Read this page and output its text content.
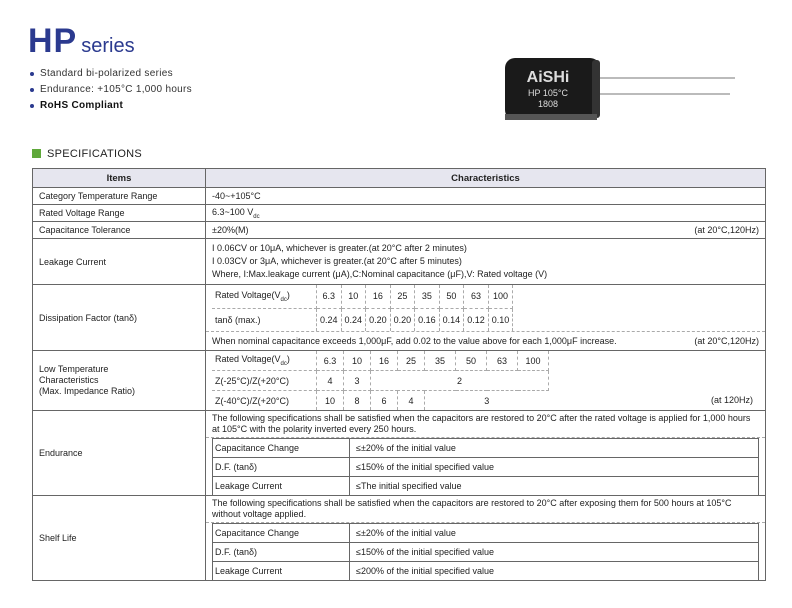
HP series
Standard bi-polarized series
Endurance: +105°C 1,000 hours
RoHS Compliant
AiSHi
HP 105°C
1808
SPECIFICATIONS
Items	Characteristics
Category Temperature Range	-40~+105°C
Rated Voltage Range	6.3~100 $V_{dc}$
Capacitance Tolerance	±20%(M)	(at 20°C,120Hz)

Leakage Current	
I 0.06CV or 10μA, whichever is greater.(at 20°C after 2 minutes)
I 0.03CV or 3μA, whichever is greater.(at 20°C after 5 minutes)
Where, I:Max.leakage current (μA),C:Nominal capacitance (μF),V: Rated voltage (V)

Dissipation Factor (tanδ)	
Rated $Voltage(V_{dc})$	6.3	10	16	25	35	50	63	100
tanδ (max.)	0.24	0.24	0.20	0.20	0.16	0.14	0.12	0.10
When nominal capacitance exceeds 1,000μF, add 0.02 to the value above for each 1,000μF increase.	(at 20°C,120Hz)

Low Temperature
Characteristics
(Max. Impedance Ratio)

Rated $Voltage(V_{dc})$	6.3	10	16	25	35	50	63	100	
Z(-25°C)/Z(+20°C)	4	3	2	
Z(-40°C)/Z(+20°C)	10	8	6	4	3	(at 120Hz)

Endurance	
The following specifications shall be satisfied when the capacitors are restored to 20°C after the rated voltage is applied for 1,000 hours at 105°C with the polarity inverted every 250 hours.
Capacitance Change	≤±20% of the initial value
D.F. (tanδ)	≤150% of the initial specified value
Leakage Current	≤The initial specified value

Shelf Life	
The following specifications shall be satisfied when the capacitors are restored to 20°C after exposing them for 500 hours at 105°C without voltage applied.
Capacitance Change	≤±20% of the initial value
D.F. (tanδ)	≤150% of the initial specified value
Leakage Current	≤200% of the initial specified value
